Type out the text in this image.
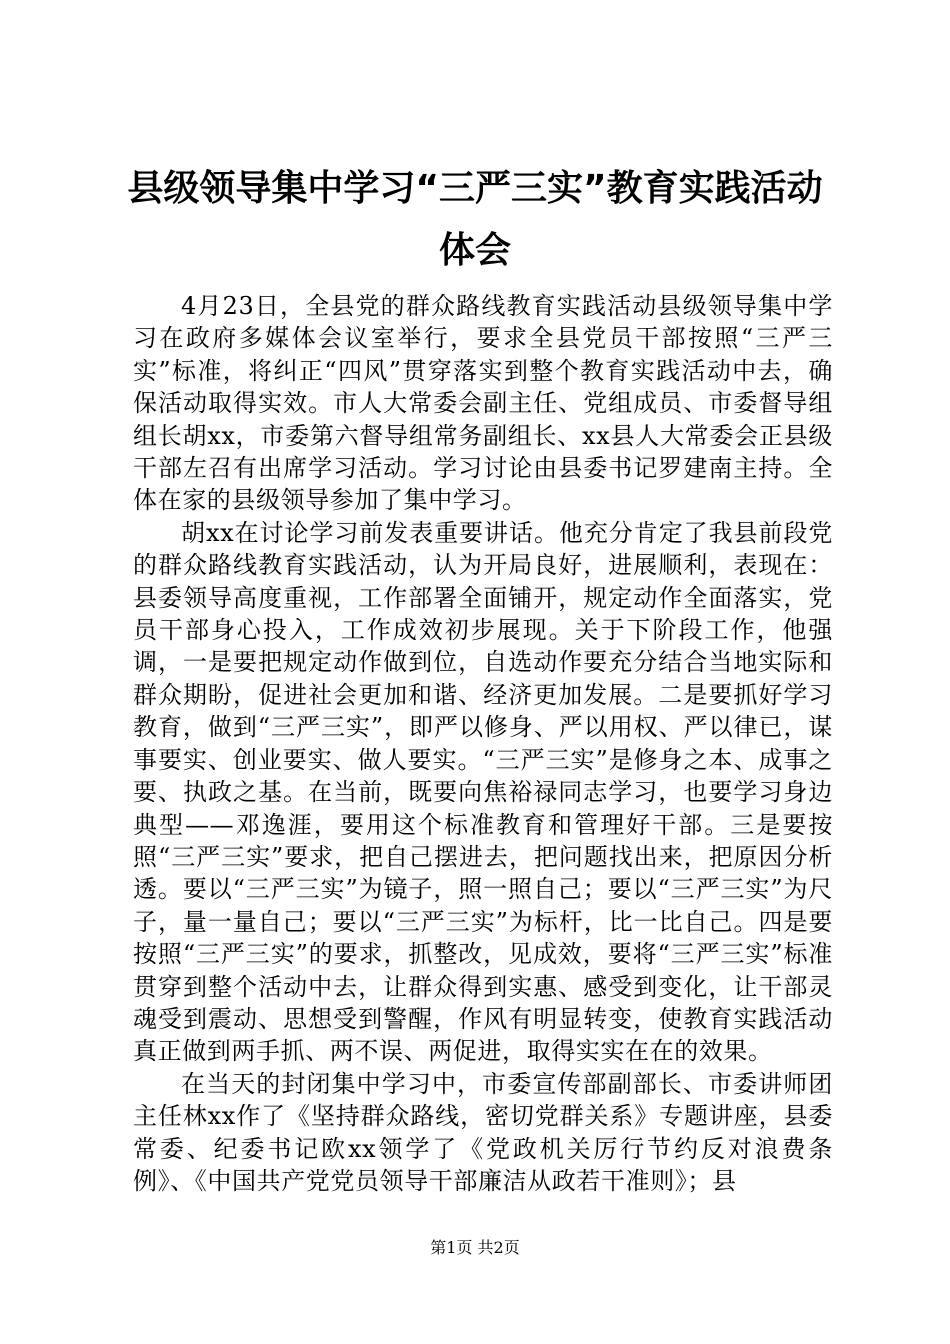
县级领导集中学习“三严三实”教育实践活动
体会

4月23日，全县党的群众路线教育实践活动县级领导集中学习在政府多媒体会议室举行，要求全县党员干部按照“三严三实”标准，将纠正“四风”贯穿落实到整个教育实践活动中去，确保活动取得实效。市人大常委会副主任、党组成员、市委督导组组长胡xx，市委第六督导组常务副组长、xx县人大常委会正县级干部左召有出席学习活动。学习讨论由县委书记罗建南主持。全体在家的县级领导参加了集中学习。

胡xx在讨论学习前发表重要讲话。他充分肯定了我县前段党的群众路线教育实践活动，认为开局良好，进展顺利，表现在：县委领导高度重视，工作部署全面铺开，规定动作全面落实，党员干部身心投入，工作成效初步展现。关于下阶段工作，他强调，一是要把规定动作做到位，自选动作要充分结合当地实际和群众期盼，促进社会更加和谐、经济更加发展。二是要抓好学习教育，做到“三严三实”，即严以修身、严以用权、严以律已，谋事要实、创业要实、做人要实。“三严三实”是修身之本、成事之要、执政之基。在当前，既要向焦裕禄同志学习，也要学习身边典型——邓逸涯，要用这个标准教育和管理好干部。三是要按照“三严三实”要求，把自己摆进去，把问题找出来，把原因分析透。要以“三严三实”为镜子，照一照自己；要以“三严三实”为尺子，量一量自己；要以“三严三实”为标杆，比一比自己。四是要按照“三严三实”的要求，抓整改，见成效，要将“三严三实”标准贯穿到整个活动中去，让群众得到实惠、感受到变化，让干部灵魂受到震动、思想受到警醒，作风有明显转变，使教育实践活动真正做到两手抓、两不误、两促进，取得实实在在的效果。

在当天的封闭集中学习中，市委宣传部副部长、市委讲师团主任林xx作了《坚持群众路线，密切党群关系》专题讲座，县委常委、纪委书记欧xx领学了《党政机关厉行节约反对浪费条例》、《中国共产党党员领导干部廉洁从政若干准则》；县

第1页 共2页
